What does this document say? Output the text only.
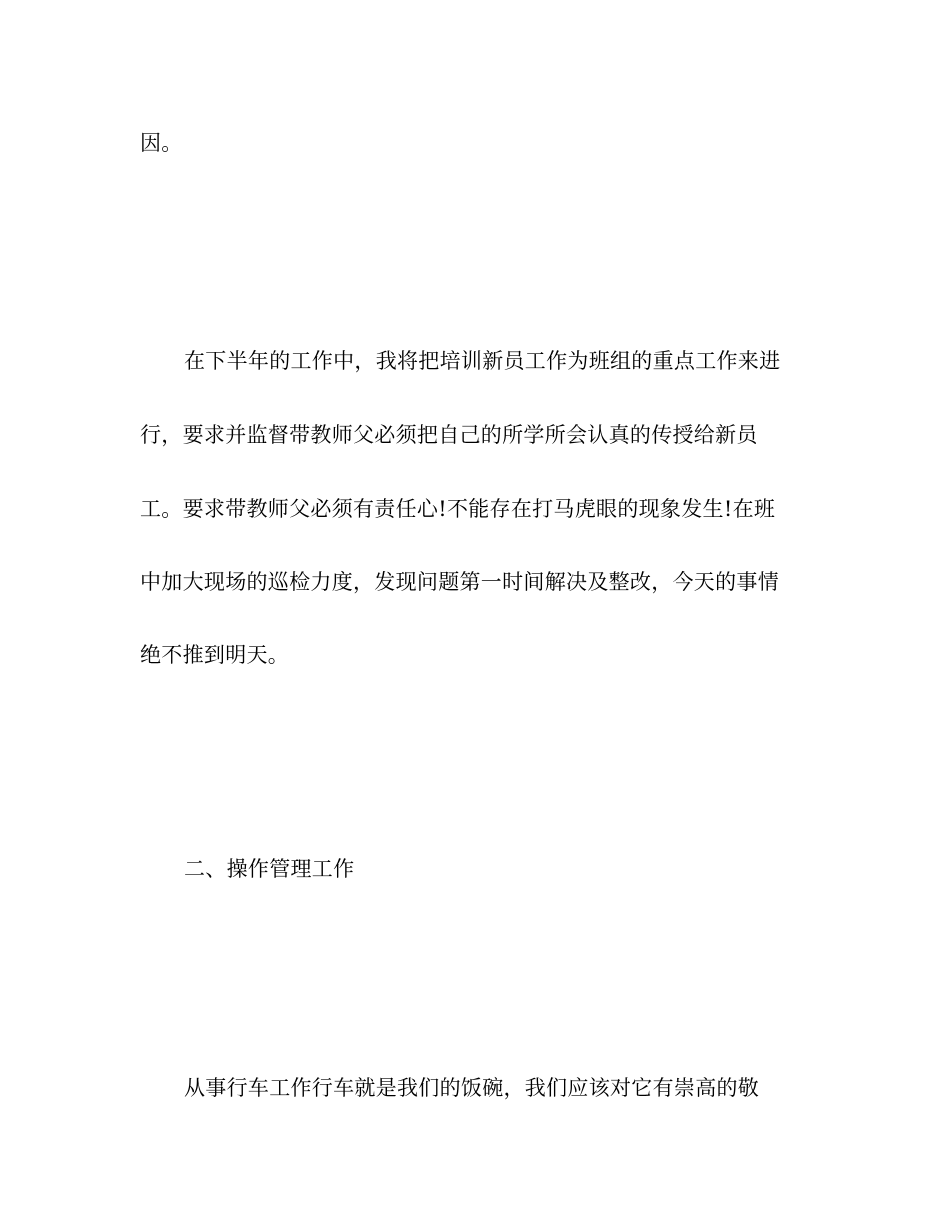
因。
在下半年的工作中，我将把培训新员工作为班组的重点工作来进
行，要求并监督带教师父必须把自己的所学所会认真的传授给新员
工。要求带教师父必须有责任心!不能存在打马虎眼的现象发生!在班
中加大现场的巡检力度，发现问题第一时间解决及整改，今天的事情
绝不推到明天。
二、操作管理工作
从事行车工作行车就是我们的饭碗，我们应该对它有崇高的敬
